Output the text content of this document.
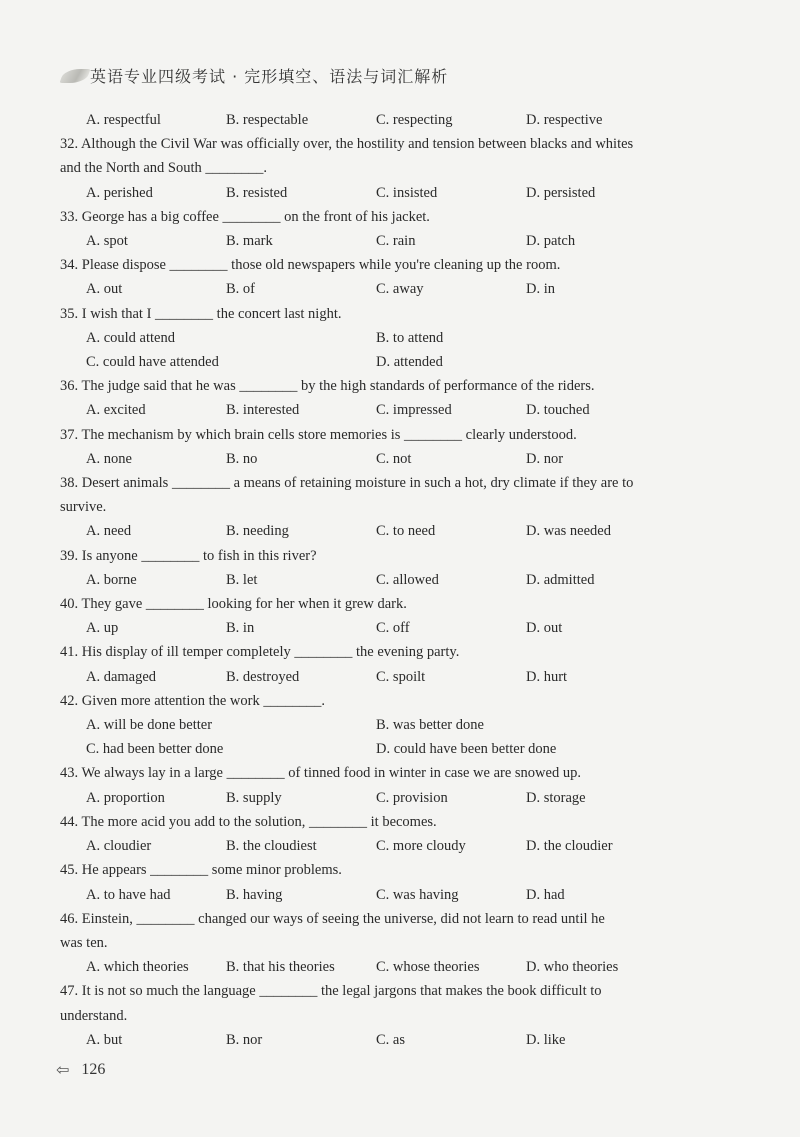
英语专业四级考试 · 完形填空、语法与词汇解析
A. respectful	B. respectable	C. respecting	D. respective
32. Although the Civil War was officially over, the hostility and tension between blacks and whites
and the North and South ________.
A. perished	B. resisted	C. insisted	D. persisted
33. George has a big coffee ________ on the front of his jacket.
A. spot	B. mark	C. rain	D. patch
34. Please dispose ________ those old newspapers while you're cleaning up the room.
A. out	B. of	C. away	D. in
35. I wish that I ________ the concert last night.
A. could attend	B. to attend
C. could have attended	D. attended
36. The judge said that he was ________ by the high standards of performance of the riders.
A. excited	B. interested	C. impressed	D. touched
37. The mechanism by which brain cells store memories is ________ clearly understood.
A. none	B. no	C. not	D. nor
38. Desert animals ________ a means of retaining moisture in such a hot, dry climate if they are to
survive.
A. need	B. needing	C. to need	D. was needed
39. Is anyone ________ to fish in this river?
A. borne	B. let	C. allowed	D. admitted
40. They gave ________ looking for her when it grew dark.
A. up	B. in	C. off	D. out
41. His display of ill temper completely ________ the evening party.
A. damaged	B. destroyed	C. spoilt	D. hurt
42. Given more attention the work ________.
A. will be done better	B. was better done
C. had been better done	D. could have been better done
43. We always lay in a large ________ of tinned food in winter in case we are snowed up.
A. proportion	B. supply	C. provision	D. storage
44. The more acid you add to the solution, ________ it becomes.
A. cloudier	B. the cloudiest	C. more cloudy	D. the cloudier
45. He appears ________ some minor problems.
A. to have had	B. having	C. was having	D. had
46. Einstein, ________ changed our ways of seeing the universe, did not learn to read until he
was ten.
A. which theories	B. that his theories	C. whose theories	D. who theories
47. It is not so much the language ________ the legal jargons that makes the book difficult to
understand.
A. but	B. nor	C. as	D. like
⇦ 126
